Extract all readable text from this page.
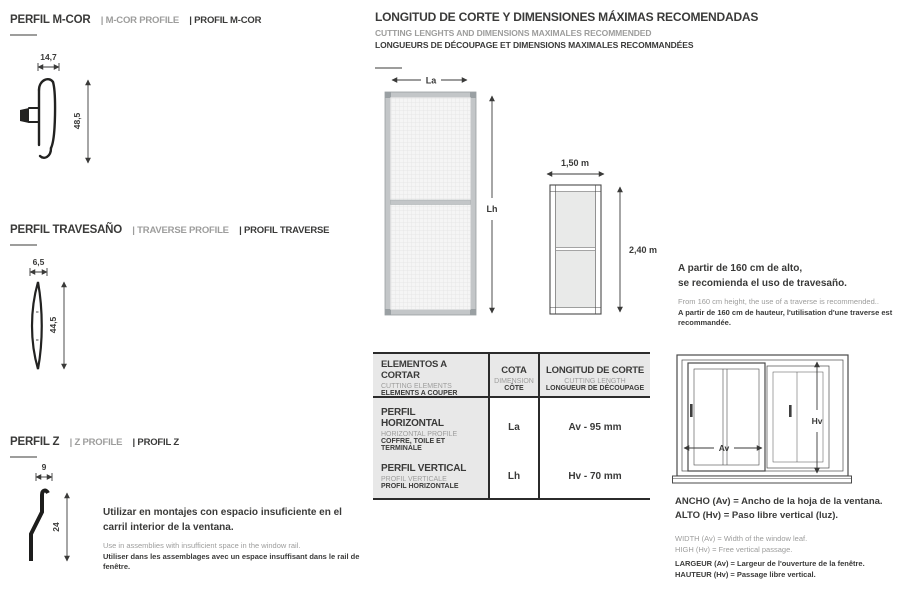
PERFIL M-COR | M-COR PROFILE | PROFIL M-COR
14,7
48,5
PERFIL TRAVESAÑO | TRAVERSE PROFILE | PROFIL TRAVERSE
6,5
44,5
PERFIL Z | Z PROFILE | PROFIL Z
9
24
Utilizar en montajes con espacio insuficiente en el carril interior de la ventana.
Use in assemblies with insufficient space in the window rail.
Utiliser dans les assemblages avec un espace insuffisant dans le rail de fenêtre.
LONGITUD DE CORTE Y DIMENSIONES MÁXIMAS RECOMENDADAS
CUTTING LENGHTS AND DIMENSIONS MAXIMALES RECOMMENDED
LONGUEURS DE DÉCOUPAGE ET DIMENSIONS MAXIMALES RECOMMANDÉES
La
Lh
1,50 m
2,40 m
A partir de 160 cm de alto,
se recomienda el uso de travesaño.
From 160 cm height, the use of a traverse is recommended..
A partir de 160 cm de hauteur, l'utilisation d'une traverse est recommandée.
ELEMENTOS A CORTAR
CUTTING ELEMENTS
ELEMENTS A COUPER
COTA
DIMENSION
CÔTE
LONGITUD DE CORTE
CUTTING LENGTH
LONGUEUR DE DÉCOUPAGE
PERFIL HORIZONTAL
HORIZONTAL PROFILE
COFFRE, TOILE ET TERMINALE
La	Av - 95 mm
PERFIL VERTICAL
PROFIL VERTICALE
PROFIL HORIZONTALE
Lh	Hv - 70 mm
Av
Hv
ANCHO (Av) = Ancho de la hoja de la ventana.
ALTO (Hv) = Paso libre vertical (luz).
WIDTH (Av) = Width of the window leaf.
HIGH (Hv) = Free vertical passage.
LARGEUR (Av) = Largeur de l'ouverture de la fenêtre.
HAUTEUR (Hv) = Passage libre vertical.
